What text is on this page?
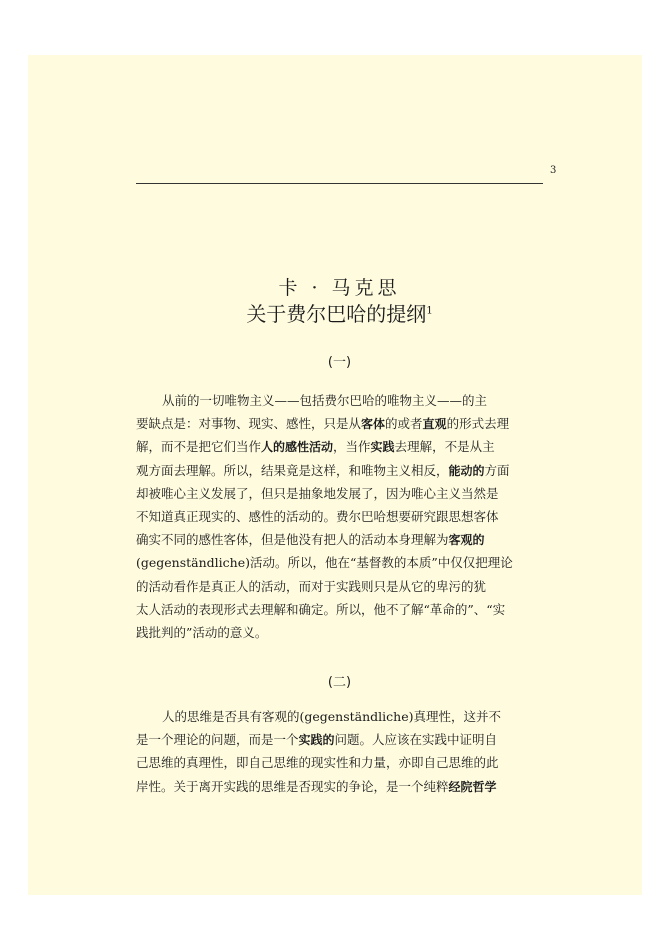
3
卡 · 马克思
关于费尔巴哈的提纲$^1$
(一)
从前的一切唯物主义——包括费尔巴哈的唯物主义——的主
要缺点是：对事物、现实、感性，只是从客体的或者直观的形式去理
解，而不是把它们当作人的感性活动，当作实践去理解，不是从主
观方面去理解。所以，结果竟是这样，和唯物主义相反，能动的方面
却被唯心主义发展了，但只是抽象地发展了，因为唯心主义当然是
不知道真正现实的、感性的活动的。费尔巴哈想要研究跟思想客体
确实不同的感性客体，但是他没有把人的活动本身理解为客观的
(gegenständliche)活动。所以，他在“基督教的本质”中仅仅把理论
的活动看作是真正人的活动，而对于实践则只是从它的卑污的犹
太人活动的表现形式去理解和确定。所以，他不了解“革命的”、“实
践批判的”活动的意义。
(二)
人的思维是否具有客观的(gegenständliche)真理性，这并不
是一个理论的问题，而是一个实践的问题。人应该在实践中证明自
己思维的真理性，即自己思维的现实性和力量，亦即自己思维的此
岸性。关于离开实践的思维是否现实的争论，是一个纯粹经院哲学
